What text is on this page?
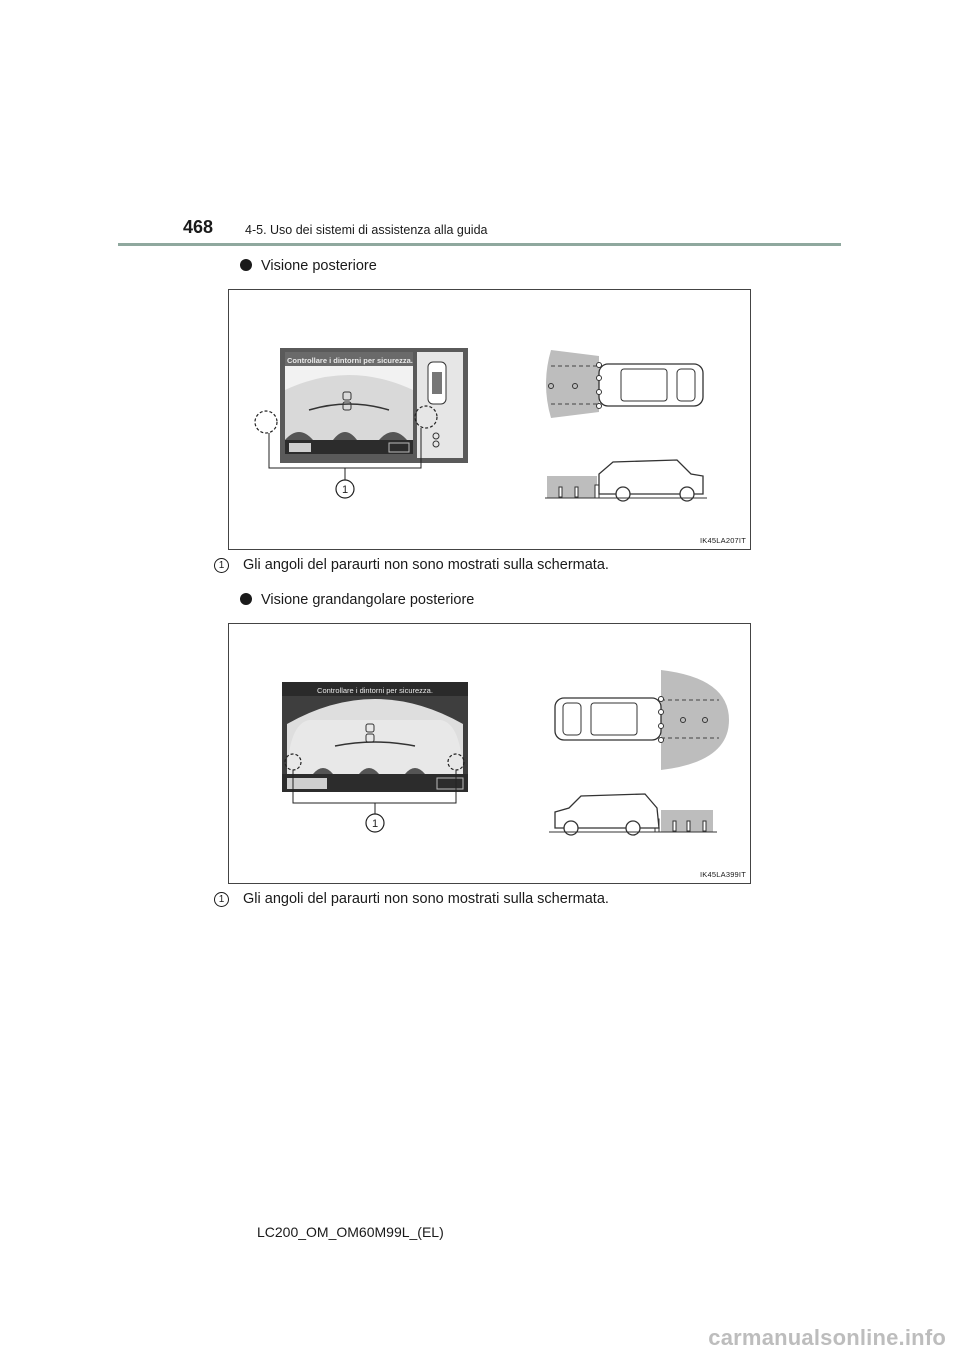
468	4-5. Uso dei sistemi di assistenza alla guida
Visione posteriore
Controllare i dintorni per sicurezza.
1
IK45LA207IT
1 Gli angoli del paraurti non sono mostrati sulla schermata.
Visione grandangolare posteriore
Controllare i dintorni per sicurezza.
1
IK45LA399IT
1 Gli angoli del paraurti non sono mostrati sulla schermata.
LC200_OM_OM60M99L_(EL)
carmanualsonline.info
